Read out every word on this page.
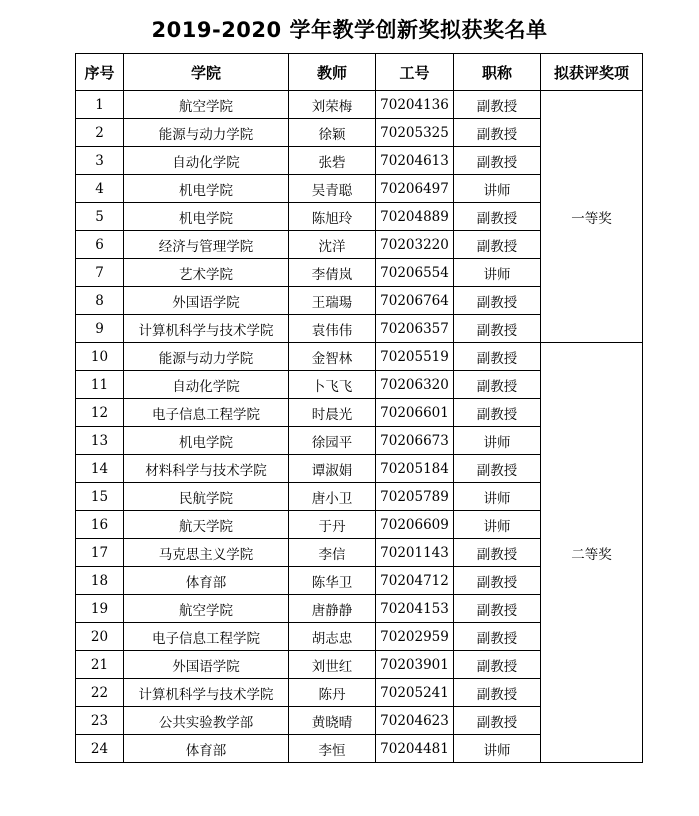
2019-2020 学年教学创新奖拟获奖名单
序号	学院	教师	工号	职称	拟获评奖项
1	航空学院	刘荣梅	70204136	副教授	一等奖
2	能源与动力学院	徐颖	70205325	副教授	
3	自动化学院	张砦	70204613	副教授	
4	机电学院	吴青聪	70206497	讲师	
5	机电学院	陈旭玲	70204889	副教授	
6	经济与管理学院	沈洋	70203220	副教授	
7	艺术学院	李倩岚	70206554	讲师	
8	外国语学院	王瑞瑒	70206764	副教授	
9	计算机科学与技术学院	袁伟伟	70206357	副教授	
10	能源与动力学院	金智林	70205519	副教授	二等奖
11	自动化学院	卜飞飞	70206320	副教授	
12	电子信息工程学院	时晨光	70206601	副教授	
13	机电学院	徐园平	70206673	讲师	
14	材料科学与技术学院	谭淑娟	70205184	副教授	
15	民航学院	唐小卫	70205789	讲师	
16	航天学院	于丹	70206609	讲师	
17	马克思主义学院	李信	70201143	副教授	
18	体育部	陈华卫	70204712	副教授	
19	航空学院	唐静静	70204153	副教授	
20	电子信息工程学院	胡志忠	70202959	副教授	
21	外国语学院	刘世红	70203901	副教授	
22	计算机科学与技术学院	陈丹	70205241	副教授	
23	公共实验教学部	黄晓晴	70204623	副教授	
24	体育部	李恒	70204481	讲师	
